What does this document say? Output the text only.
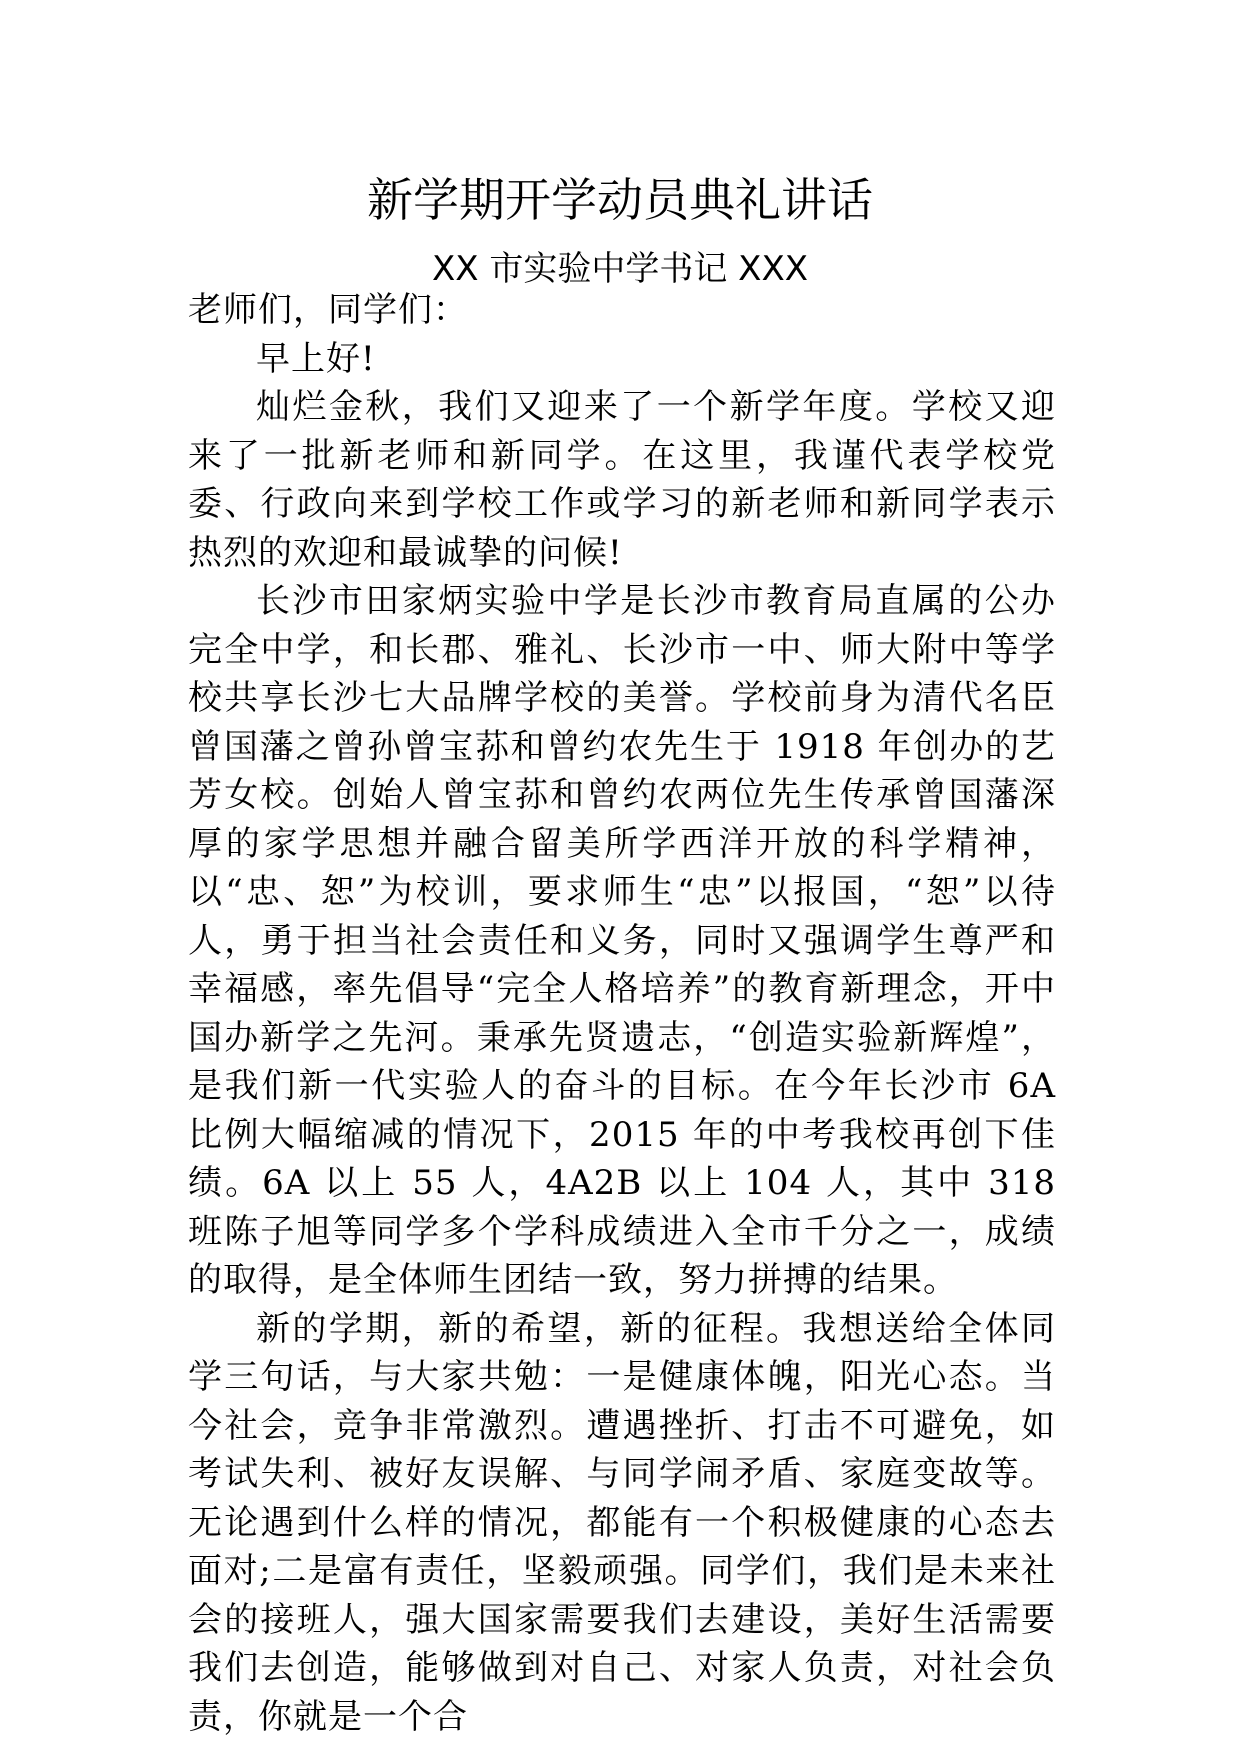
新学期开学动员典礼讲话
XX 市实验中学书记 XXX

老师们，同学们：

早上好!

灿烂金秋，我们又迎来了一个新学年度。学校又迎来了一批新老师和新同学。在这里，我谨代表学校党委、行政向来到学校工作或学习的新老师和新同学表示热烈的欢迎和最诚挚的问候!

长沙市田家炳实验中学是长沙市教育局直属的公办完全中学，和长郡、雅礼、长沙市一中、师大附中等学校共享长沙七大品牌学校的美誉。学校前身为清代名臣曾国藩之曾孙曾宝荪和曾约农先生于 1918 年创办的艺芳女校。创始人曾宝荪和曾约农两位先生传承曾国藩深厚的家学思想并融合留美所学西洋开放的科学精神，以“忠、恕”为校训，要求师生“忠”以报国，“恕”以待人，勇于担当社会责任和义务，同时又强调学生尊严和幸福感，率先倡导“完全人格培养”的教育新理念，开中国办新学之先河。秉承先贤遗志，“创造实验新辉煌”，是我们新一代实验人的奋斗的目标。在今年长沙市 6A 比例大幅缩减的情况下，2015 年的中考我校再创下佳绩。6A 以上 55 人，4A2B 以上 104 人，其中 318 班陈子旭等同学多个学科成绩进入全市千分之一，成绩的取得，是全体师生团结一致，努力拼搏的结果。

新的学期，新的希望，新的征程。我想送给全体同学三句话，与大家共勉：一是健康体魄，阳光心态。当今社会，竞争非常激烈。遭遇挫折、打击不可避免，如考试失利、被好友误解、与同学闹矛盾、家庭变故等。无论遇到什么样的情况，都能有一个积极健康的心态去面对;二是富有责任，坚毅顽强。同学们，我们是未来社会的接班人，强大国家需要我们去建设，美好生活需要我们去创造，能够做到对自己、对家人负责，对社会负责，你就是一个合
